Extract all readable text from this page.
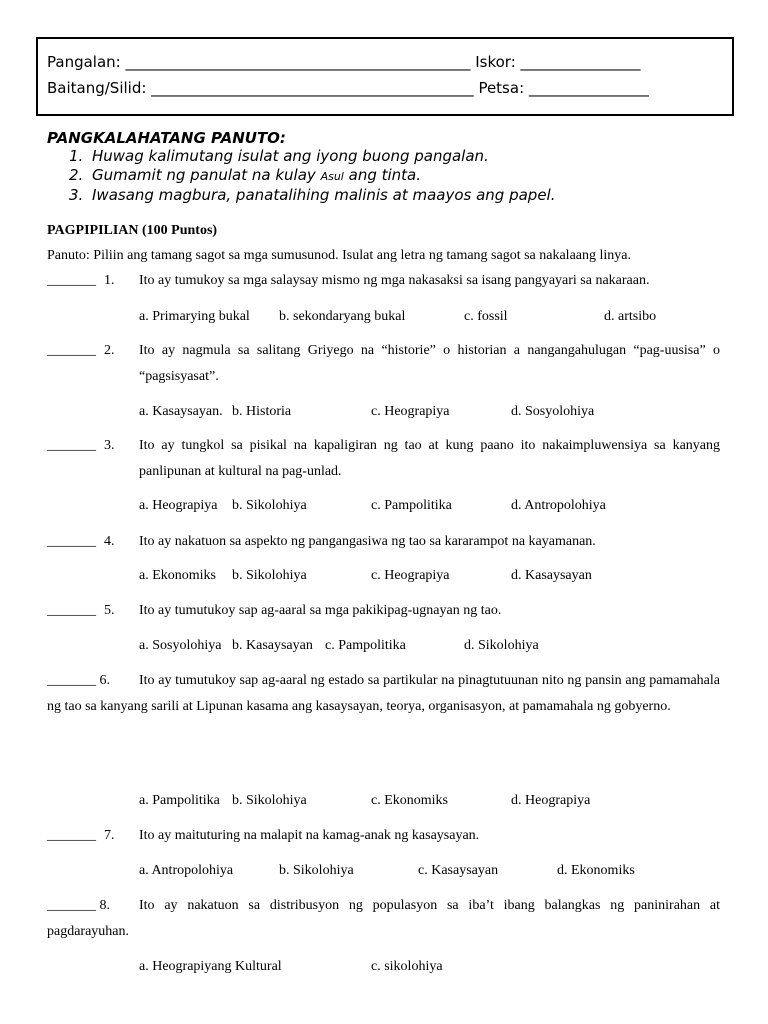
Pangalan: ______________________________________________ Iskor: ________________
Baitang/Silid: ___________________________________________ Petsa: ________________
PANGKALAHATANG PANUTO:
1. Huwag kalimutang isulat ang iyong buong pangalan.
2. Gumamit ng panulat na kulay Asul ang tinta.
3. Iwasang magbura, panatalihing malinis at maayos ang papel.
PAGPIPILIAN (100 Puntos)
Panuto: Piliin ang tamang sagot sa mga sumusunod. Isulat ang letra ng tamang sagot sa nakalaang linya.
_______ 1. Ito ay tumukoy sa mga salaysay mismo ng mga nakasaksi sa isang pangyayari sa nakaraan.
a. Primarying bukal b. sekondaryang bukal	c. fossil	d. artsibo
_______ 2. Ito ay nagmula sa salitang Griyego na “historie” o historian a nangangahulugan “pag-uusisa” o “pagsisyasat”.
a. Kasaysayan. b. Historia	c. Heograpiya	d. Sosyolohiya
_______ 3. Ito ay tungkol sa pisikal na kapaligiran ng tao at kung paano ito nakaimpluwensiya sa kanyang panlipunan at kultural na pag-unlad.
a. Heograpiya b. Sikolohiya	c. Pampolitika	d. Antropolohiya
_______ 4. Ito ay nakatuon sa aspekto ng pangangasiwa ng tao sa kararampot na kayamanan.
a. Ekonomiks b. Sikolohiya	c. Heograpiya	d. Kasaysayan
_______ 5. Ito ay tumutukoy sap ag-aaral sa mga pakikipag-ugnayan ng tao.
a. Sosyolohiya b. Kasaysayan c. Pampolitika	d. Sikolohiya
_______ 6. Ito ay tumutukoy sap ag-aaral ng estado sa partikular na pinagtutuunan nito ng pansin ang pamamahala ng tao sa kanyang sarili at Lipunan kasama ang kasaysayan, teorya, organisasyon, at pamamahala ng gobyerno.
a. Pampolitika b. Sikolohiya	c. Ekonomiks	d. Heograpiya
_______ 7. Ito ay maituturing na malapit na kamag-anak ng kasaysayan.
a. Antropolohiya	b. Sikolohiya	c. Kasaysayan	d. Ekonomiks
_______ 8. Ito ay nakatuon sa distribusyon ng populasyon sa iba’t ibang balangkas ng paninirahan at pagdarayuhan.
a. Heograpiyang Kultural	c. sikolohiya
